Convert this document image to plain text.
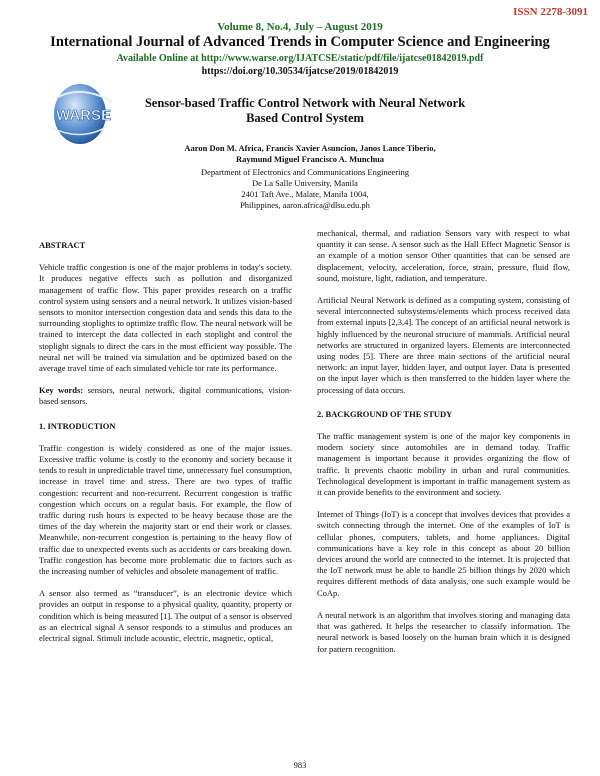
ISSN 2278-3091
Volume 8, No.4, July – August 2019
International Journal of Advanced Trends in Computer Science and Engineering
Available Online at http://www.warse.org/IJATCSE/static/pdf/file/ijatcse01842019.pdf
https://doi.org/10.30534/ijatcse/2019/01842019
WARSE
Sensor-based Traffic Control Network with Neural Network
Based Control System
Aaron Don M. Africa, Francis Xavier Asuncion, Janos Lance Tiberio,
Raymund Miguel Francisco A. Munchua
Department of Electronics and Communications Engineering
De La Salle University, Manila
2401 Taft Ave., Malate, Manila 1004,
Philippines, aaron.africa@dlsu.edu.ph
ABSTRACT

Vehicle traffic congestion is one of the major problems in today's society. It produces negative effects such as pollution and disorganized management of traffic flow. This paper provides research on a traffic control system using sensors and a neural network. It utilizes vision-based sensors to monitor intersection congestion data and sends this data to the surrounding stoplights to optimize traffic flow. The neural network will be trained to intercept the data collected in each stoplight and control the stoplight signals to direct the cars in the most efficient way possible. The neural net will be trained via simulation and be optimized based on the average travel time of each simulated vehicle tor rate its performance.

Key words: sensors, neural network, digital communications, vision-based sensors.

1. INTRODUCTION

Traffic congestion is widely considered as one of the major issues. Excessive traffic volume is costly to the economy and society because it tends to result in unpredictable travel time, unnecessary fuel consumption, increase in travel time and stress. There are two types of traffic congestion: recurrent and non-recurrent. Recurrent congestion is traffic congestion which occurs on a regular basis. For example, the flow of traffic during rush hours is expected to be heavy because those are the times of the day wherein the majority start or end their work or classes. Meanwhile, non-recurrent congestion is pertaining to the heavy flow of traffic due to unexpected events such as accidents or cars breaking down. Traffic congestion has become more problematic due to factors such as the increasing number of vehicles and obsolete management of traffic.

A sensor also termed as “transducer”, is an electronic device which provides an output in response to a physical quality, quantity, property or condition which is being measured [1]. The output of a sensor is observed as an electrical signal A sensor responds to a stimulus and produces an electrical signal. Stimuli include acoustic, electric, magnetic, optical,

mechanical, thermal, and radiation Sensors vary with respect to what quantity it can sense. A sensor such as the Hall Effect Magnetic Sensor is an example of a motion sensor Other quantities that can be sensed are displacement, velocity, acceleration, force, strain, pressure, fluid flow, sound, moisture, light, radiation, and temperature.

Artificial Neural Network is defined as a computing system, consisting of several interconnected subsystems/elements which process received data from external inputs [2,3,4]. The concept of an artificial neural network is highly influenced by the neuronal structure of mammals. Artificial neural networks are structured in organized layers. Elements are interconnected using nodes [5]. There are three main sections of the artificial neural network: an input layer, hidden layer, and output layer. Data is presented on the input layer which is then transferred to the hidden layer where the processing of data occurs.

2. BACKGROUND OF THE STUDY

The traffic management system is one of the major key components in modern society since automobiles are in demand today. Traffic management is important because it provides organizing the flow of traffic. It prevents chaotic mobility in urban and rural communities. Technological development is important in traffic management system as it can provide benefits to the environment and society.

Internet of Things (IoT) is a concept that involves devices that provides a switch connecting through the internet. One of the examples of IoT is cellular phones, computers, tablets, and home appliances. Digital communications have a key role in this concept as about 20 billion devices around the world are connected to the internet. It is projected that the IoT network must be able to handle 25 billion things by 2020 which requires different methods of data analysis, one such example would be CoAp.

A neural network is an algorithm that involves storing and managing data that was gathered. It helps the researcher to classify information. The neural network is based loosely on the human brain which it is designed for pattern recognition.

983
